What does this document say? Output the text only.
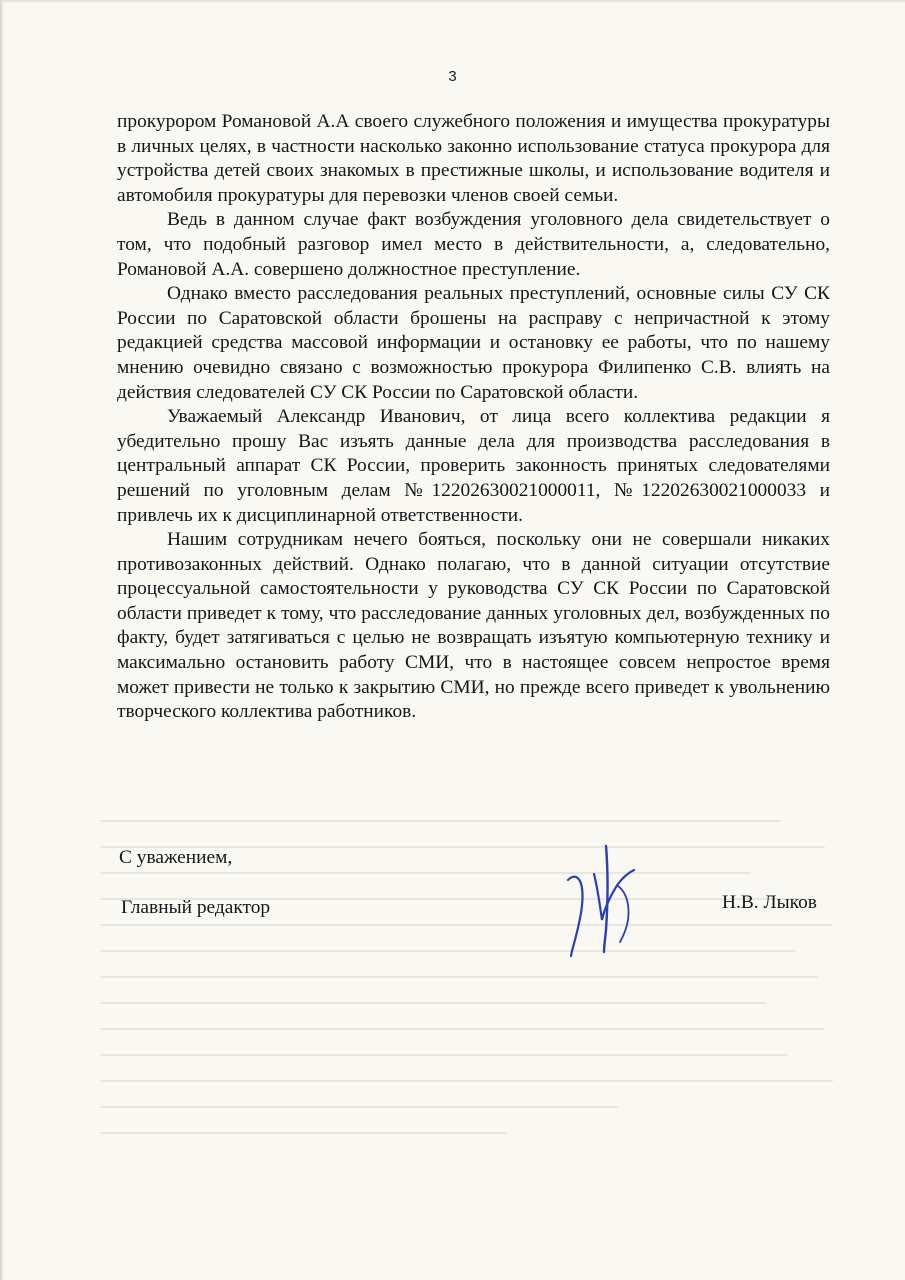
3

прокурором Романовой А.А своего служебного положения и имущества прокуратуры в личных целях, в частности насколько законно использование статуса прокурора для устройства детей своих знакомых в престижные школы, и использование водителя и автомобиля прокуратуры для перевозки членов своей семьи.

Ведь в данном случае факт возбуждения уголовного дела свидетельствует о том, что подобный разговор имел место в действительности, а, следовательно, Романовой А.А. совершено должностное преступление.

Однако вместо расследования реальных преступлений, основные силы СУ СК России по Саратовской области брошены на расправу с непричастной к этому редакцией средства массовой информации и остановку ее работы, что по нашему мнению очевидно связано с возможностью прокурора Филипенко С.В. влиять на действия следователей СУ СК России по Саратовской области.

Уважаемый Александр Иванович, от лица всего коллектива редакции я убедительно прошу Вас изъять данные дела для производства расследования в центральный аппарат СК России, проверить законность принятых следователями решений по уголовным делам №12202630021000011, №12202630021000033 и привлечь их к дисциплинарной ответственности.

Нашим сотрудникам нечего бояться, поскольку они не совершали никаких противозаконных действий. Однако полагаю, что в данной ситуации отсутствие процессуальной самостоятельности у руководства СУ СК России по Саратовской области приведет к тому, что расследование данных уголовных дел, возбужденных по факту, будет затягиваться с целью не возвращать изъятую компьютерную технику и максимально остановить работу СМИ, что в настоящее совсем непростое время может привести не только к закрытию СМИ, но прежде всего приведет к увольнению творческого коллектива работников.

С уважением,
Главный редактор	Н.В. Лыков
